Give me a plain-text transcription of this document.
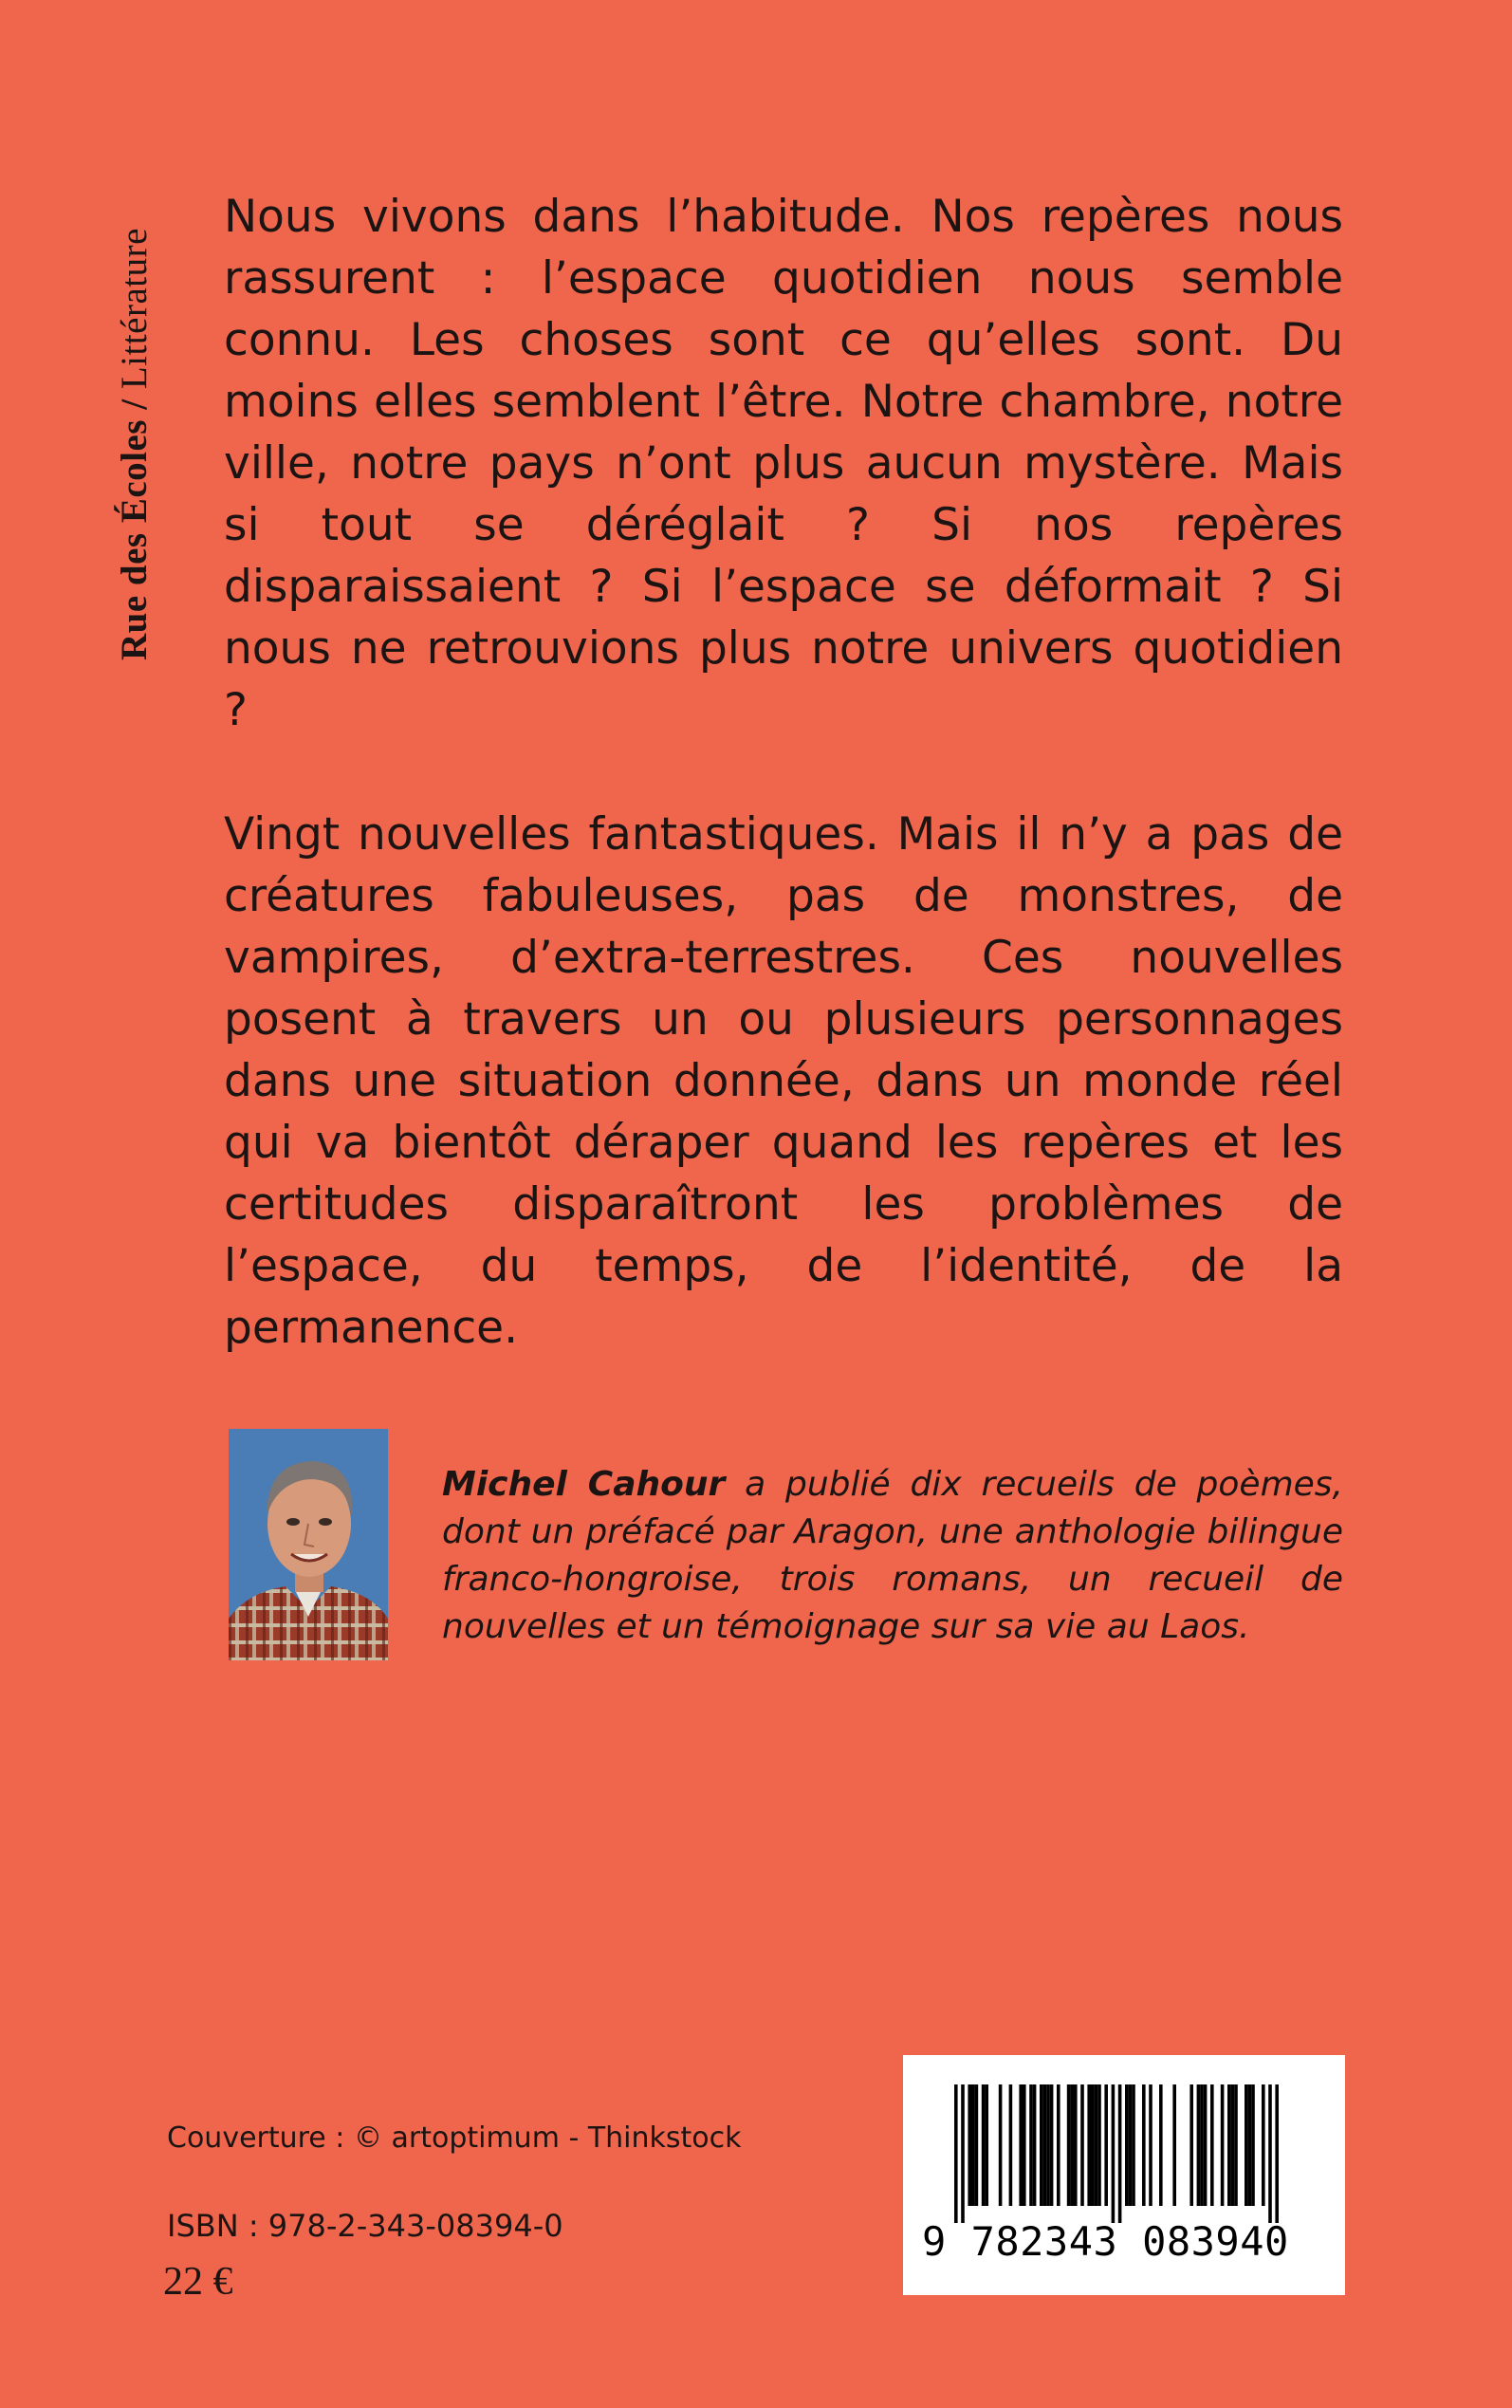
Rue des Écoles / Littérature

Nous vivons dans l’habitude. Nos repères nous rassurent : l’espace quotidien nous semble connu. Les choses sont ce qu’elles sont. Du moins elles semblent l’être. Notre chambre, notre ville, notre pays n’ont plus aucun mystère. Mais si tout se déréglait ? Si nos repères disparaissaient ? Si l’espace se déformait ? Si nous ne retrouvions plus notre univers quotidien ?

Vingt nouvelles fantastiques. Mais il n’y a pas de créatures fabuleuses, pas de monstres, de vampires, d’extra-terrestres. Ces nouvelles posent à travers un ou plusieurs personnages dans une situation donnée, dans un monde réel qui va bientôt déraper quand les repères et les certitudes disparaîtront les problèmes de l’espace, du temps, de l’identité, de la permanence.

Michel Cahour a publié dix recueils de poèmes, dont un préfacé par Aragon, une anthologie bilingue franco-hongroise, trois romans, un recueil de nouvelles et un témoignage sur sa vie au Laos.
Couverture : © artoptimum - Thinkstock
ISBN : 978-2-343-08394-0
22 €
9 782343 083940
